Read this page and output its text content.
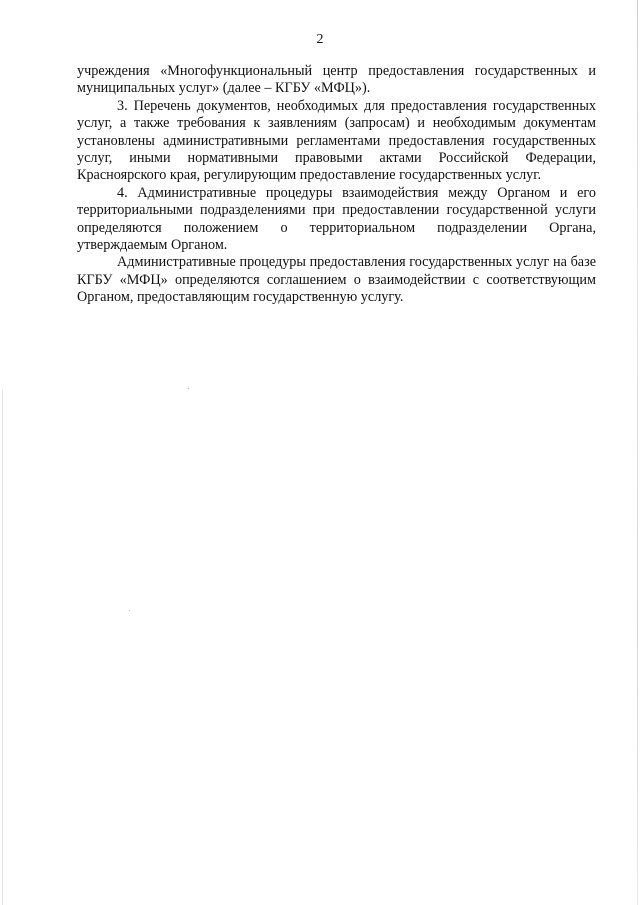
2

учреждения «Многофункциональный центр предоставления государственных и муниципальных услуг» (далее – КГБУ «МФЦ»).

3. Перечень документов, необходимых для предоставления государственных услуг, а также требования к заявлениям (запросам) и необходимым документам установлены административными регламентами предоставления государственных услуг, иными нормативными правовыми актами Российской Федерации, Красноярского края, регулирующим предоставление государственных услуг.

4. Административные процедуры взаимодействия между Органом и его территориальными подразделениями при предоставлении государственной услуги определяются положением о территориальном подразделении Органа, утверждаемым Органом.

Административные процедуры предоставления государственных услуг на базе КГБУ «МФЦ» определяются соглашением о взаимодействии с соответствующим Органом, предоставляющим государственную услугу.
